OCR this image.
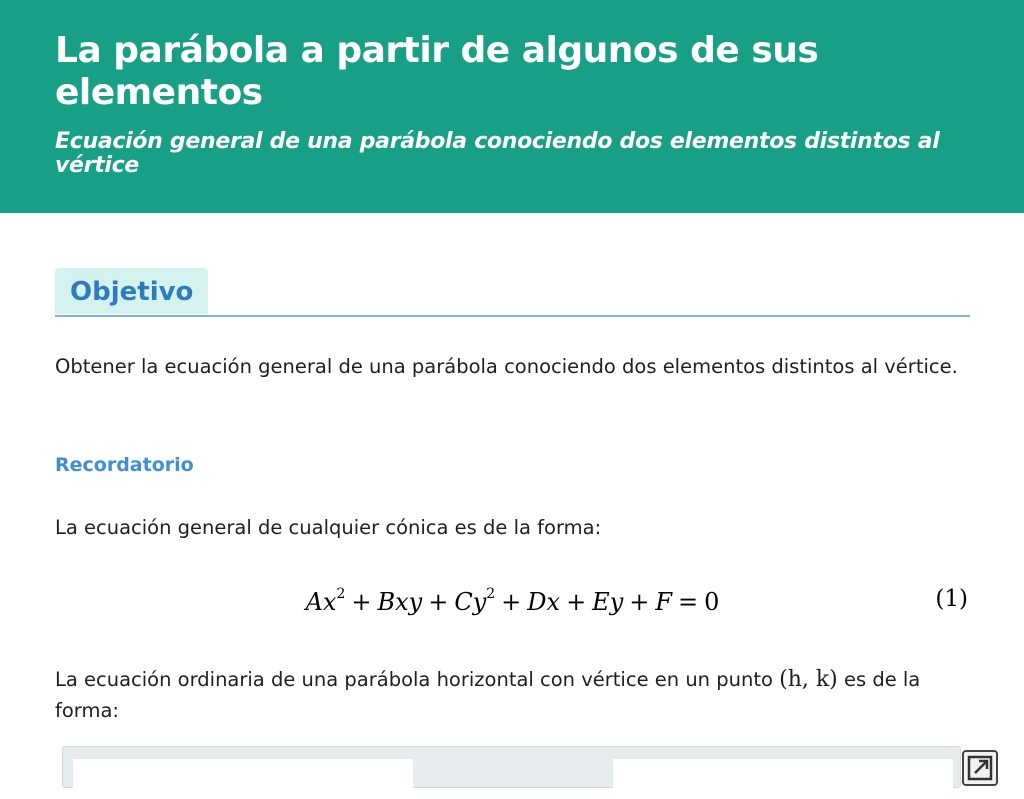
La parábola a partir de algunos de sus elementos
Ecuación general de una parábola conociendo dos elementos distintos al vértice
Objetivo

Obtener la ecuación general de una parábola conociendo dos elementos distintos al vértice.

Recordatorio

La ecuación general de cualquier cónica es de la forma:

$Ax^2$ + Bxy + $Cy^2 + Dx + Ey + F = 0$	(1)

La ecuación ordinaria de una parábola horizontal con vértice en un punto (h, k) es de la forma:
